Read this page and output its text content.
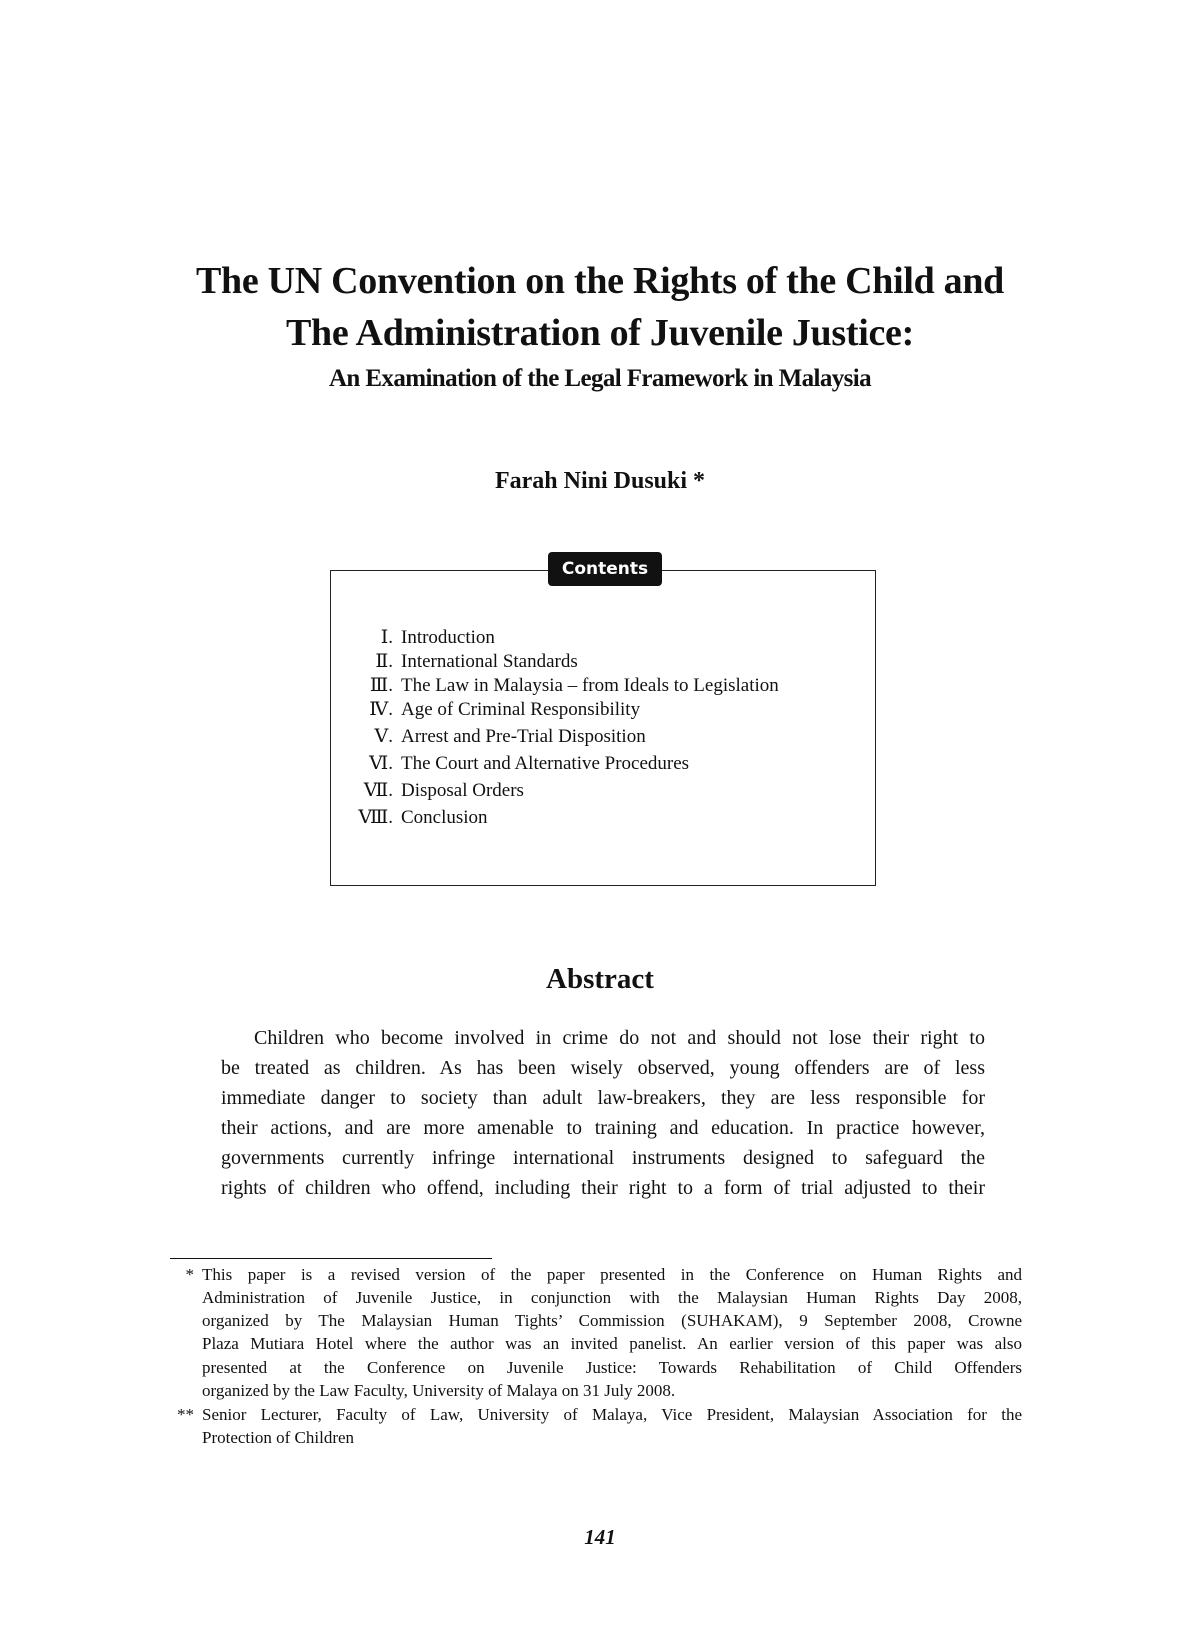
The UN Convention on the Rights of the Child and
The Administration of Juvenile Justice:
An Examination of the Legal Framework in Malaysia
Farah Nini Dusuki *
Contents
Ⅰ. Introduction
Ⅱ. International Standards
Ⅲ. The Law in Malaysia – from Ideals to Legislation
Ⅳ. Age of Criminal Responsibility
Ⅴ. Arrest and Pre-Trial Disposition
Ⅵ. The Court and Alternative Procedures
Ⅶ. Disposal Orders
Ⅷ. Conclusion
Abstract
Children who become involved in crime do not and should not lose their right to
be treated as children. As has been wisely observed, young offenders are of less
immediate danger to society than adult law-breakers, they are less responsible for
their actions, and are more amenable to training and education. In practice however,
governments currently infringe international instruments designed to safeguard the
rights of children who offend, including their right to a form of trial adjusted to their
* This paper is a revised version of the paper presented in the Conference on Human Rights and
Administration of Juvenile Justice, in conjunction with the Malaysian Human Rights Day 2008,
organized by The Malaysian Human Tights’ Commission (SUHAKAM), 9 September 2008, Crowne
Plaza Mutiara Hotel where the author was an invited panelist. An earlier version of this paper was also
presented at the Conference on Juvenile Justice: Towards Rehabilitation of Child Offenders
organized by the Law Faculty, University of Malaya on 31 July 2008.
** Senior Lecturer, Faculty of Law, University of Malaya, Vice President, Malaysian Association for the
Protection of Children
141
